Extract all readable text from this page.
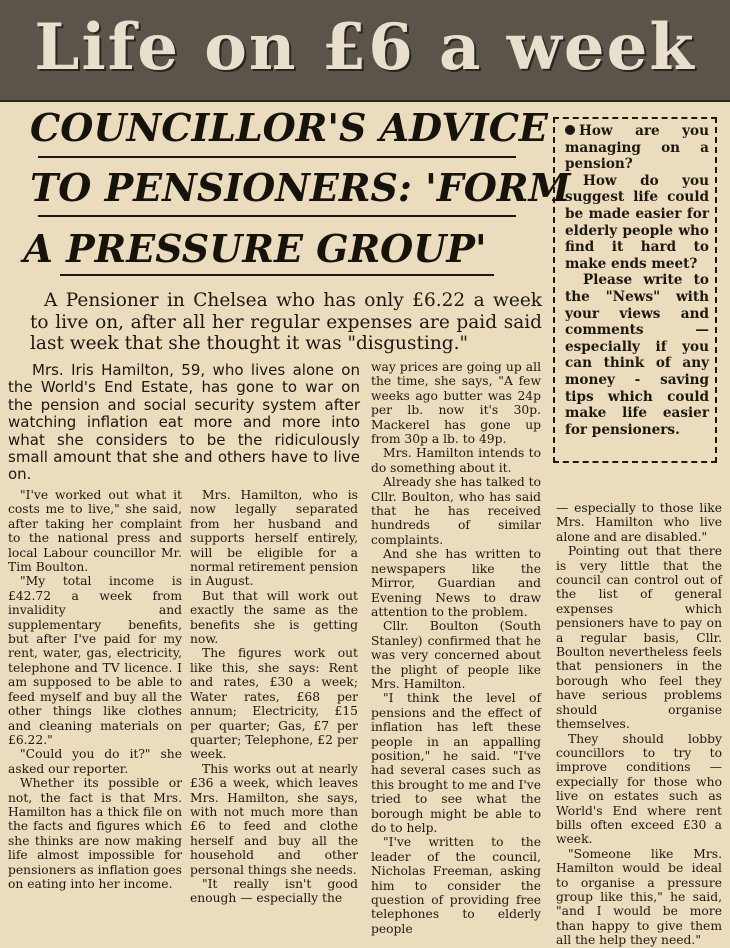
Life on £6 a week
COUNCILLOR'S ADVICE
TO PENSIONERS: 'FORM
A PRESSURE GROUP'

How are you managing on a pension?

How do you suggest life could be made easier for elderly people who find it hard to make ends meet?

Please write to the "News" with your views and comments — especially if you can think of any money - saving tips which could make life easier for pensioners.

A Pensioner in Chelsea who has only £6.22 a week to live on, after all her regular expenses are paid said last week that she thought it was "disgusting."
Mrs. Iris Hamilton, 59, who lives alone on the World's End Estate, has gone to war on the pension and social security system after watching inflation eat more and more into what she considers to be the ridiculously small amount that she and others have to live on.

"I've worked out what it costs me to live," she said, after taking her complaint to the national press and local Labour councillor Mr. Tim Boulton.

"My total income is £42.72 a week from invalidity and supplementary benefits, but after I've paid for my rent, water, gas, electricity, telephone and TV licence. I am supposed to be able to feed myself and buy all the other things like clothes and cleaning materials on £6.22."

"Could you do it?" she asked our reporter.

Whether its possible or not, the fact is that Mrs. Hamilton has a thick file on the facts and figures which she thinks are now making life almost impossible for pensioners as inflation goes on eating into her income.

Mrs. Hamilton, who is now legally separated from her husband and supports herself entirely, will be eligible for a normal retirement pension in August.

But that will work out exactly the same as the benefits she is getting now.

The figures work out like this, she says: Rent and rates, £30 a week; Water rates, £68 per annum; Electricity, £15 per quarter; Gas, £7 per quarter; Telephone, £2 per week.

This works out at nearly £36 a week, which leaves Mrs. Hamilton, she says, with not much more than £6 to feed and clothe herself and buy all the household and other personal things she needs.

"It really isn't good enough — especially the

way prices are going up all the time, she says, "A few weeks ago butter was 24p per lb. now it's 30p. Mackerel has gone up from 30p a lb. to 49p.

Mrs. Hamilton intends to do something about it.

Already she has talked to Cllr. Boulton, who has said that he has received hundreds of similar complaints.

And she has written to newspapers like the Mirror, Guardian and Evening News to draw attention to the problem.

Cllr. Boulton (South Stanley) confirmed that he was very concerned about the plight of people like Mrs. Hamilton.

"I think the level of pensions and the effect of inflation has left these people in an appalling position," he said. "I've had several cases such as this brought to me and I've tried to see what the borough might be able to do to help.

"I've written to the leader of the council, Nicholas Freeman, asking him to consider the question of providing free telephones to elderly people

— especially to those like Mrs. Hamilton who live alone and are disabled."

Pointing out that there is very little that the council can control out of the list of general expenses which pensioners have to pay on a regular basis, Cllr. Boulton nevertheless feels that pensioners in the borough who feel they have serious problems should organise themselves.

They should lobby councillors to try to improve conditions — expecially for those who live on estates such as World's End where rent bills often exceed £30 a week.

"Someone like Mrs. Hamilton would be ideal to organise a pressure group like this," he said, "and I would be more than happy to give them all the help they need."
